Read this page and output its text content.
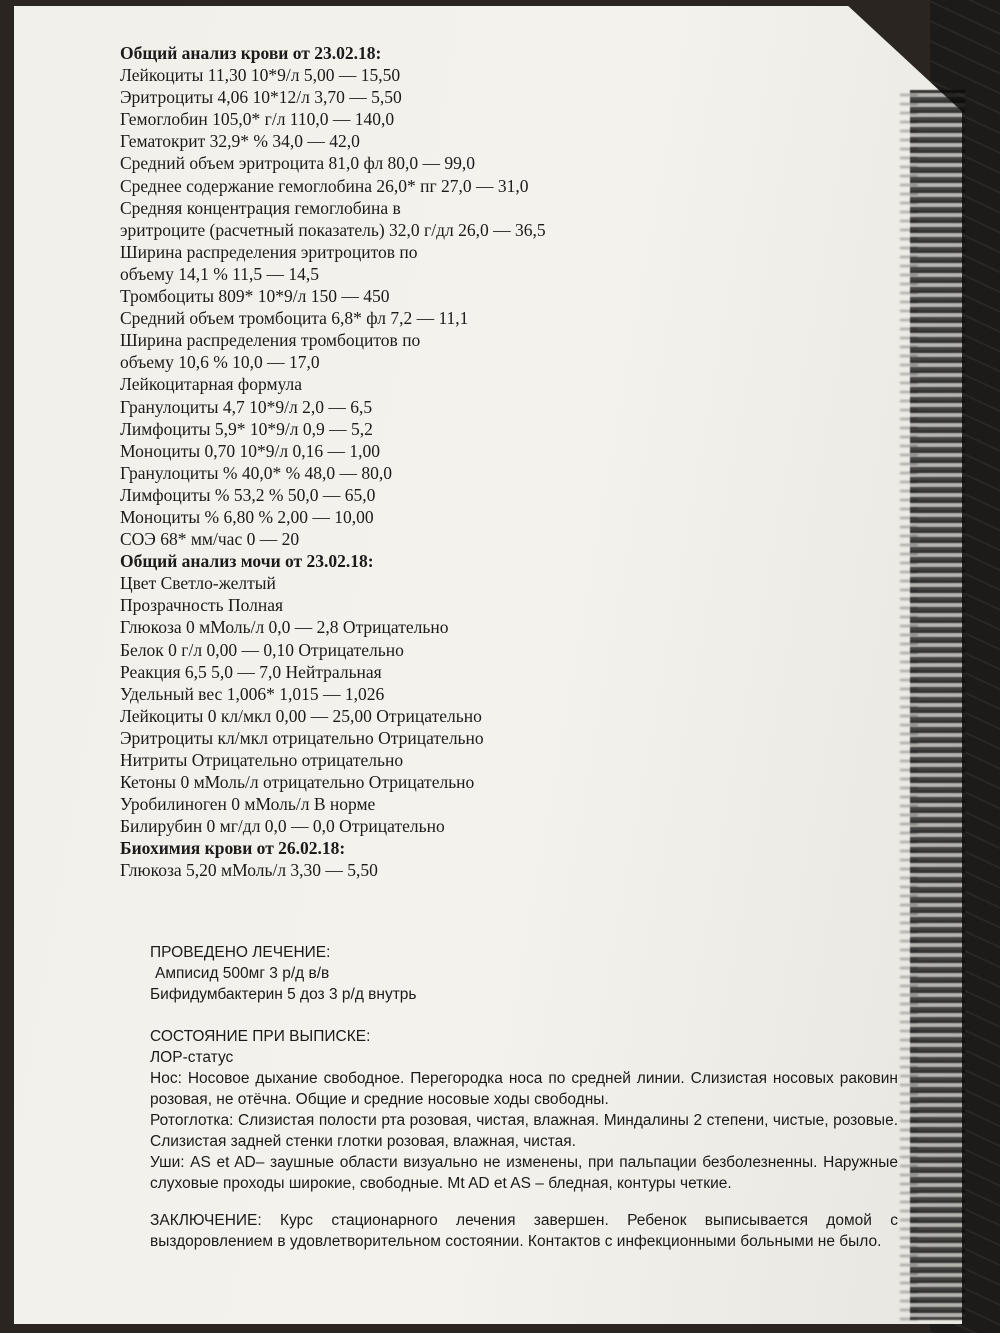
Общий анализ крови от 23.02.18:
Лейкоциты 11,30 10*9/л 5,00 — 15,50
Эритроциты 4,06 10*12/л 3,70 — 5,50
Гемоглобин 105,0* г/л 110,0 — 140,0
Гематокрит 32,9* % 34,0 — 42,0
Средний объем эритроцита 81,0 фл 80,0 — 99,0
Среднее содержание гемоглобина 26,0* пг 27,0 — 31,0
Средняя концентрация гемоглобина в
эритроците (расчетный показатель) 32,0 г/дл 26,0 — 36,5
Ширина распределения эритроцитов по
объему 14,1 % 11,5 — 14,5
Тромбоциты 809* 10*9/л 150 — 450
Средний объем тромбоцита 6,8* фл 7,2 — 11,1
Ширина распределения тромбоцитов по
объему 10,6 % 10,0 — 17,0
Лейкоцитарная формула
Гранулоциты 4,7 10*9/л 2,0 — 6,5
Лимфоциты 5,9* 10*9/л 0,9 — 5,2
Моноциты 0,70 10*9/л 0,16 — 1,00
Гранулоциты % 40,0* % 48,0 — 80,0
Лимфоциты % 53,2 % 50,0 — 65,0
Моноциты % 6,80 % 2,00 — 10,00
СОЭ 68* мм/час 0 — 20
Общий анализ мочи от 23.02.18:
Цвет Светло-желтый
Прозрачность Полная
Глюкоза 0 мМоль/л 0,0 — 2,8 Отрицательно
Белок 0 г/л 0,00 — 0,10 Отрицательно
Реакция 6,5 5,0 — 7,0 Нейтральная
Удельный вес 1,006* 1,015 — 1,026
Лейкоциты 0 кл/мкл 0,00 — 25,00 Отрицательно
Эритроциты кл/мкл отрицательно Отрицательно
Нитриты Отрицательно отрицательно
Кетоны 0 мМоль/л отрицательно Отрицательно
Уробилиноген 0 мМоль/л В норме
Билирубин 0 мг/дл 0,0 — 0,0 Отрицательно
Биохимия крови от 26.02.18:
Глюкоза 5,20 мМоль/л 3,30 — 5,50
ПРОВЕДЕНО ЛЕЧЕНИЕ:
Амписид 500мг 3 р/д в/в
Бифидумбактерин 5 доз 3 р/д внутрь
СОСТОЯНИЕ ПРИ ВЫПИСКЕ:
ЛОР-статус
Нос: Носовое дыхание свободное. Перегородка носа по средней линии. Слизистая носовых раковин розовая, не отёчна. Общие и средние носовые ходы свободны.
Ротоглотка: Слизистая полости рта розовая, чистая, влажная. Миндалины 2 степени, чистые, розовые. Слизистая задней стенки глотки розовая, влажная, чистая.
Уши: AS et AD– заушные области визуально не изменены, при пальпации безболезненны. Наружные слуховые проходы широкие, свободные. Mt AD et AS – бледная, контуры четкие.
ЗАКЛЮЧЕНИЕ: Курс стационарного лечения завершен. Ребенок выписывается домой с выздоровлением в удовлетворительном состоянии. Контактов с инфекционными больными не было.
